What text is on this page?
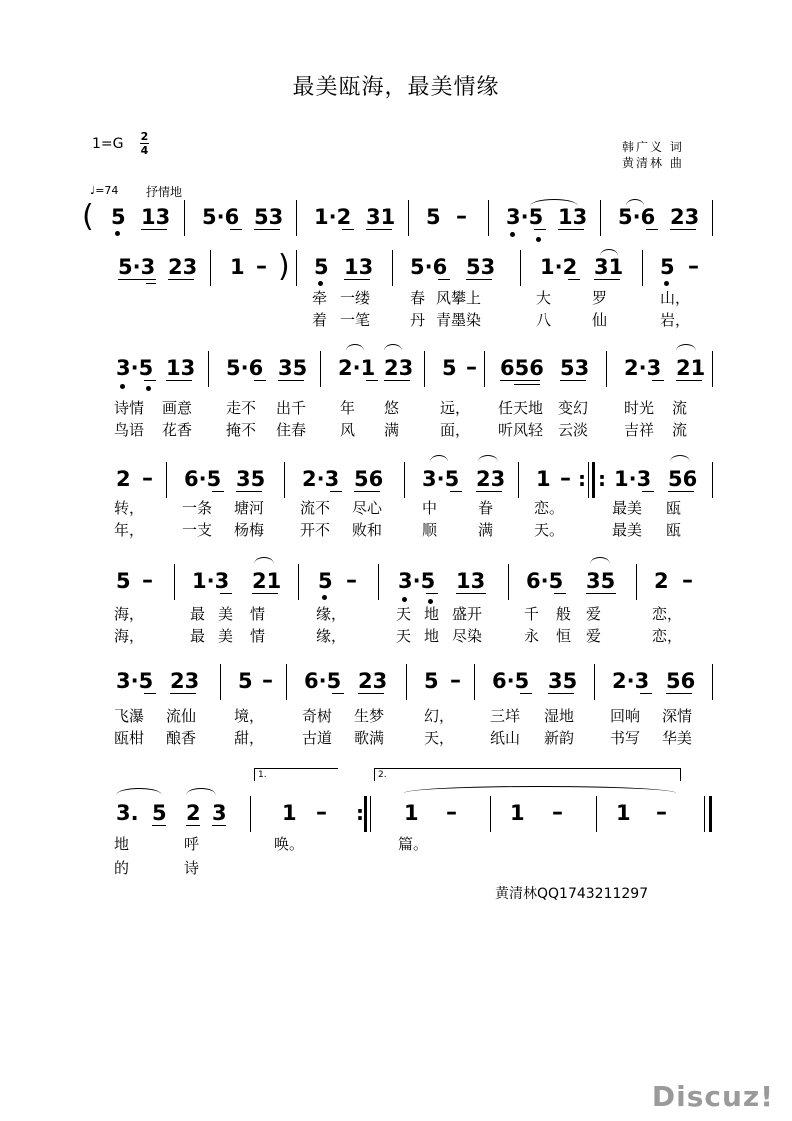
最美瓯海，最美情缘
1=G 2
4	韩广义 词
黄清林 曲
♩=74 抒情地
( 5 13 5·6 53 1·2 31 5 – 3·5 13 5·6 23
5·3 23 1 – ) 5 13 5·6 53 1·2 31 5 –
牵 一缕	春 风攀上	大	罗	山，
着 一笔	丹 青墨染	八	仙	岩，
3·5 13 5·6 35 2·1 23 5 – 656 53 2·3 21
诗情 画意 走不 出千 年 悠	远， 任天地 变幻 时光 流
鸟语 花香 掩不 住春 风 满	面， 听风轻 云淡 吉祥 流
2 – 6·5 35 2·3 56 3·5 23 1 – : : 1·3 56
转，	一条 塘河 流不 尽心	中	眷	恋。	最美 瓯
年，	一支 杨梅 开不 败和	顺	满	天。	最美 瓯
5 – 1·3 21 5 – 3·5 13 6·5 35 2 –
海，	最 美 情	缘，	天 地 盛开	千 般 爱	恋，
海，	最 美 情	缘，	天 地 尽染	永 恒 爱	恋，
3·5 23 5 – 6·5 23 5 – 6·5 35 2·3 56
飞瀑 流仙	境，	奇树 生梦	幻， 三垟 湿地 回响 深情
瓯柑 酿香	甜，	古道 歌满	天， 纸山 新韵 书写 华美
1.	2.
3. 5 2 3	1 – : 1 –	1 –	1 –
地	呼	唤。	篇。
的	诗
黄清林QQ1743211297
Discuz!
